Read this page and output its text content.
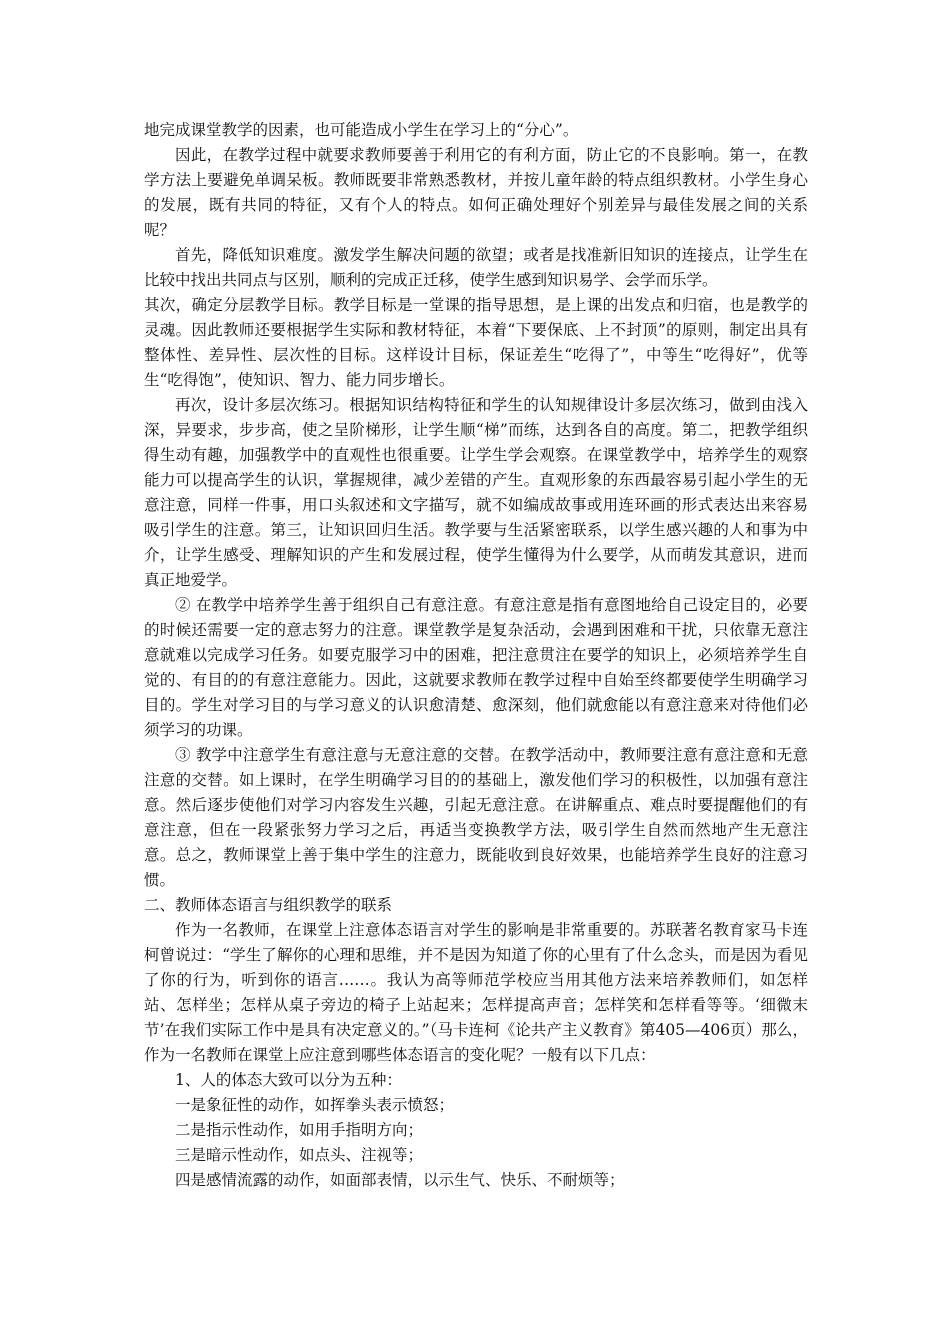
地完成课堂教学的因素，也可能造成小学生在学习上的“分心”。

因此，在教学过程中就要求教师要善于利用它的有利方面，防止它的不良影响。第一，在教学方法上要避免单调呆板。教师既要非常熟悉教材，并按儿童年龄的特点组织教材。小学生身心的发展，既有共同的特征，又有个人的特点。如何正确处理好个别差异与最佳发展之间的关系呢？

首先，降低知识难度。激发学生解决问题的欲望；或者是找准新旧知识的连接点，让学生在比较中找出共同点与区别，顺利的完成正迁移，使学生感到知识易学、会学而乐学。

其次，确定分层教学目标。教学目标是一堂课的指导思想，是上课的出发点和归宿，也是教学的灵魂。因此教师还要根据学生实际和教材特征，本着“下要保底、上不封顶”的原则，制定出具有整体性、差异性、层次性的目标。这样设计目标，保证差生“吃得了”，中等生“吃得好”，优等生“吃得饱”，使知识、智力、能力同步增长。

再次，设计多层次练习。根据知识结构特征和学生的认知规律设计多层次练习，做到由浅入深，异要求，步步高，使之呈阶梯形，让学生顺“梯”而练，达到各自的高度。第二，把教学组织得生动有趣，加强教学中的直观性也很重要。让学生学会观察。在课堂教学中，培养学生的观察能力可以提高学生的认识，掌握规律，减少差错的产生。直观形象的东西最容易引起小学生的无意注意，同样一件事，用口头叙述和文字描写，就不如编成故事或用连环画的形式表达出来容易吸引学生的注意。第三，让知识回归生活。教学要与生活紧密联系，以学生感兴趣的人和事为中介，让学生感受、理解知识的产生和发展过程，使学生懂得为什么要学，从而萌发其意识，进而真正地爱学。

② 在教学中培养学生善于组织自己有意注意。有意注意是指有意图地给自己设定目的，必要的时候还需要一定的意志努力的注意。课堂教学是复杂活动，会遇到困难和干扰，只依靠无意注意就难以完成学习任务。如要克服学习中的困难，把注意贯注在要学的知识上，必须培养学生自觉的、有目的的有意注意能力。因此，这就要求教师在教学过程中自始至终都要使学生明确学习目的。学生对学习目的与学习意义的认识愈清楚、愈深刻，他们就愈能以有意注意来对待他们必须学习的功课。

③ 教学中注意学生有意注意与无意注意的交替。在教学活动中，教师要注意有意注意和无意注意的交替。如上课时，在学生明确学习目的的基础上，激发他们学习的积极性，以加强有意注意。然后逐步使他们对学习内容发生兴趣，引起无意注意。在讲解重点、难点时要提醒他们的有意注意，但在一段紧张努力学习之后，再适当变换教学方法，吸引学生自然而然地产生无意注意。总之，教师课堂上善于集中学生的注意力，既能收到良好效果，也能培养学生良好的注意习惯。

二、教师体态语言与组织教学的联系

作为一名教师，在课堂上注意体态语言对学生的影响是非常重要的。苏联著名教育家马卡连柯曾说过：“学生了解你的心理和思维，并不是因为知道了你的心里有了什么念头，而是因为看见了你的行为，听到你的语言……。我认为高等师范学校应当用其他方法来培养教师们，如怎样站、怎样坐；怎样从桌子旁边的椅子上站起来；怎样提高声音；怎样笑和怎样看等等。‘细微末节’在我们实际工作中是具有决定意义的。”（马卡连柯《论共产主义教育》第405—406页）那么，作为一名教师在课堂上应注意到哪些体态语言的变化呢？一般有以下几点：

1、人的体态大致可以分为五种：

一是象征性的动作，如挥拳头表示愤怒；

二是指示性动作，如用手指明方向；

三是暗示性动作，如点头、注视等；

四是感情流露的动作，如面部表情，以示生气、快乐、不耐烦等；
